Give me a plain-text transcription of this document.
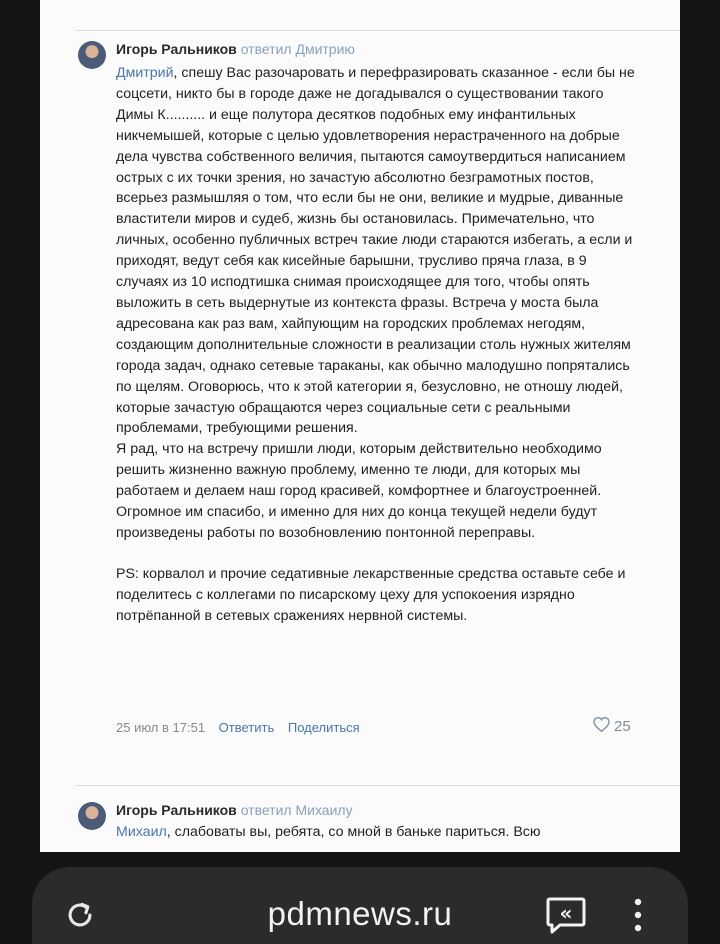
Игорь Ральников ответил Дмитрию

Дмитрий, спешу Вас разочаровать и перефразировать сказанное - если бы не соцсети, никто бы в городе даже не догадывался о существовании такого Димы К.......... и еще полутора десятков подобных ему инфантильных никчемышей, которые с целью удовлетворения нерастраченного на добрые дела чувства собственного величия, пытаются самоутвердиться написанием острых с их точки зрения, но зачастую абсолютно безграмотных постов, всерьез размышляя о том, что если бы не они, великие и мудрые, диванные властители миров и судеб, жизнь бы остановилась. Примечательно, что личных, особенно публичных встреч такие люди стараются избегать, а если и приходят, ведут себя как кисейные барышни, трусливо пряча глаза, в 9 случаях из 10 исподтишка снимая происходящее для того, чтобы опять выложить в сеть выдернутые из контекста фразы. Встреча у моста была адресована как раз вам, хайпующим на городских проблемах негодям, создающим дополнительные сложности в реализации столь нужных жителям города задач, однако сетевые тараканы, как обычно малодушно попрятались по щелям. Оговорюсь, что к этой категории я, безусловно, не отношу людей, которые зачастую обращаются через социальные сети с реальными проблемами, требующими решения.

Я рад, что на встречу пришли люди, которым действительно необходимо решить жизненно важную проблему, именно те люди, для которых мы работаем и делаем наш город красивей, комфортнее и благоустроенней. Огромное им спасибо, и именно для них до конца текущей недели будут произведены работы по возобновлению понтонной переправы.

PS: корвалол и прочие седативные лекарственные средства оставьте себе и поделитесь с коллегами по писарскому цеху для успокоения изрядно потрёпанной в сетевых сражениях нервной системы.

25 июл в 17:51 Ответить Поделиться	25
Игорь Ральников ответил Михаилу
Михаил, слабоваты вы, ребята, со мной в баньке париться. Всю
pdmnews.ru	«
